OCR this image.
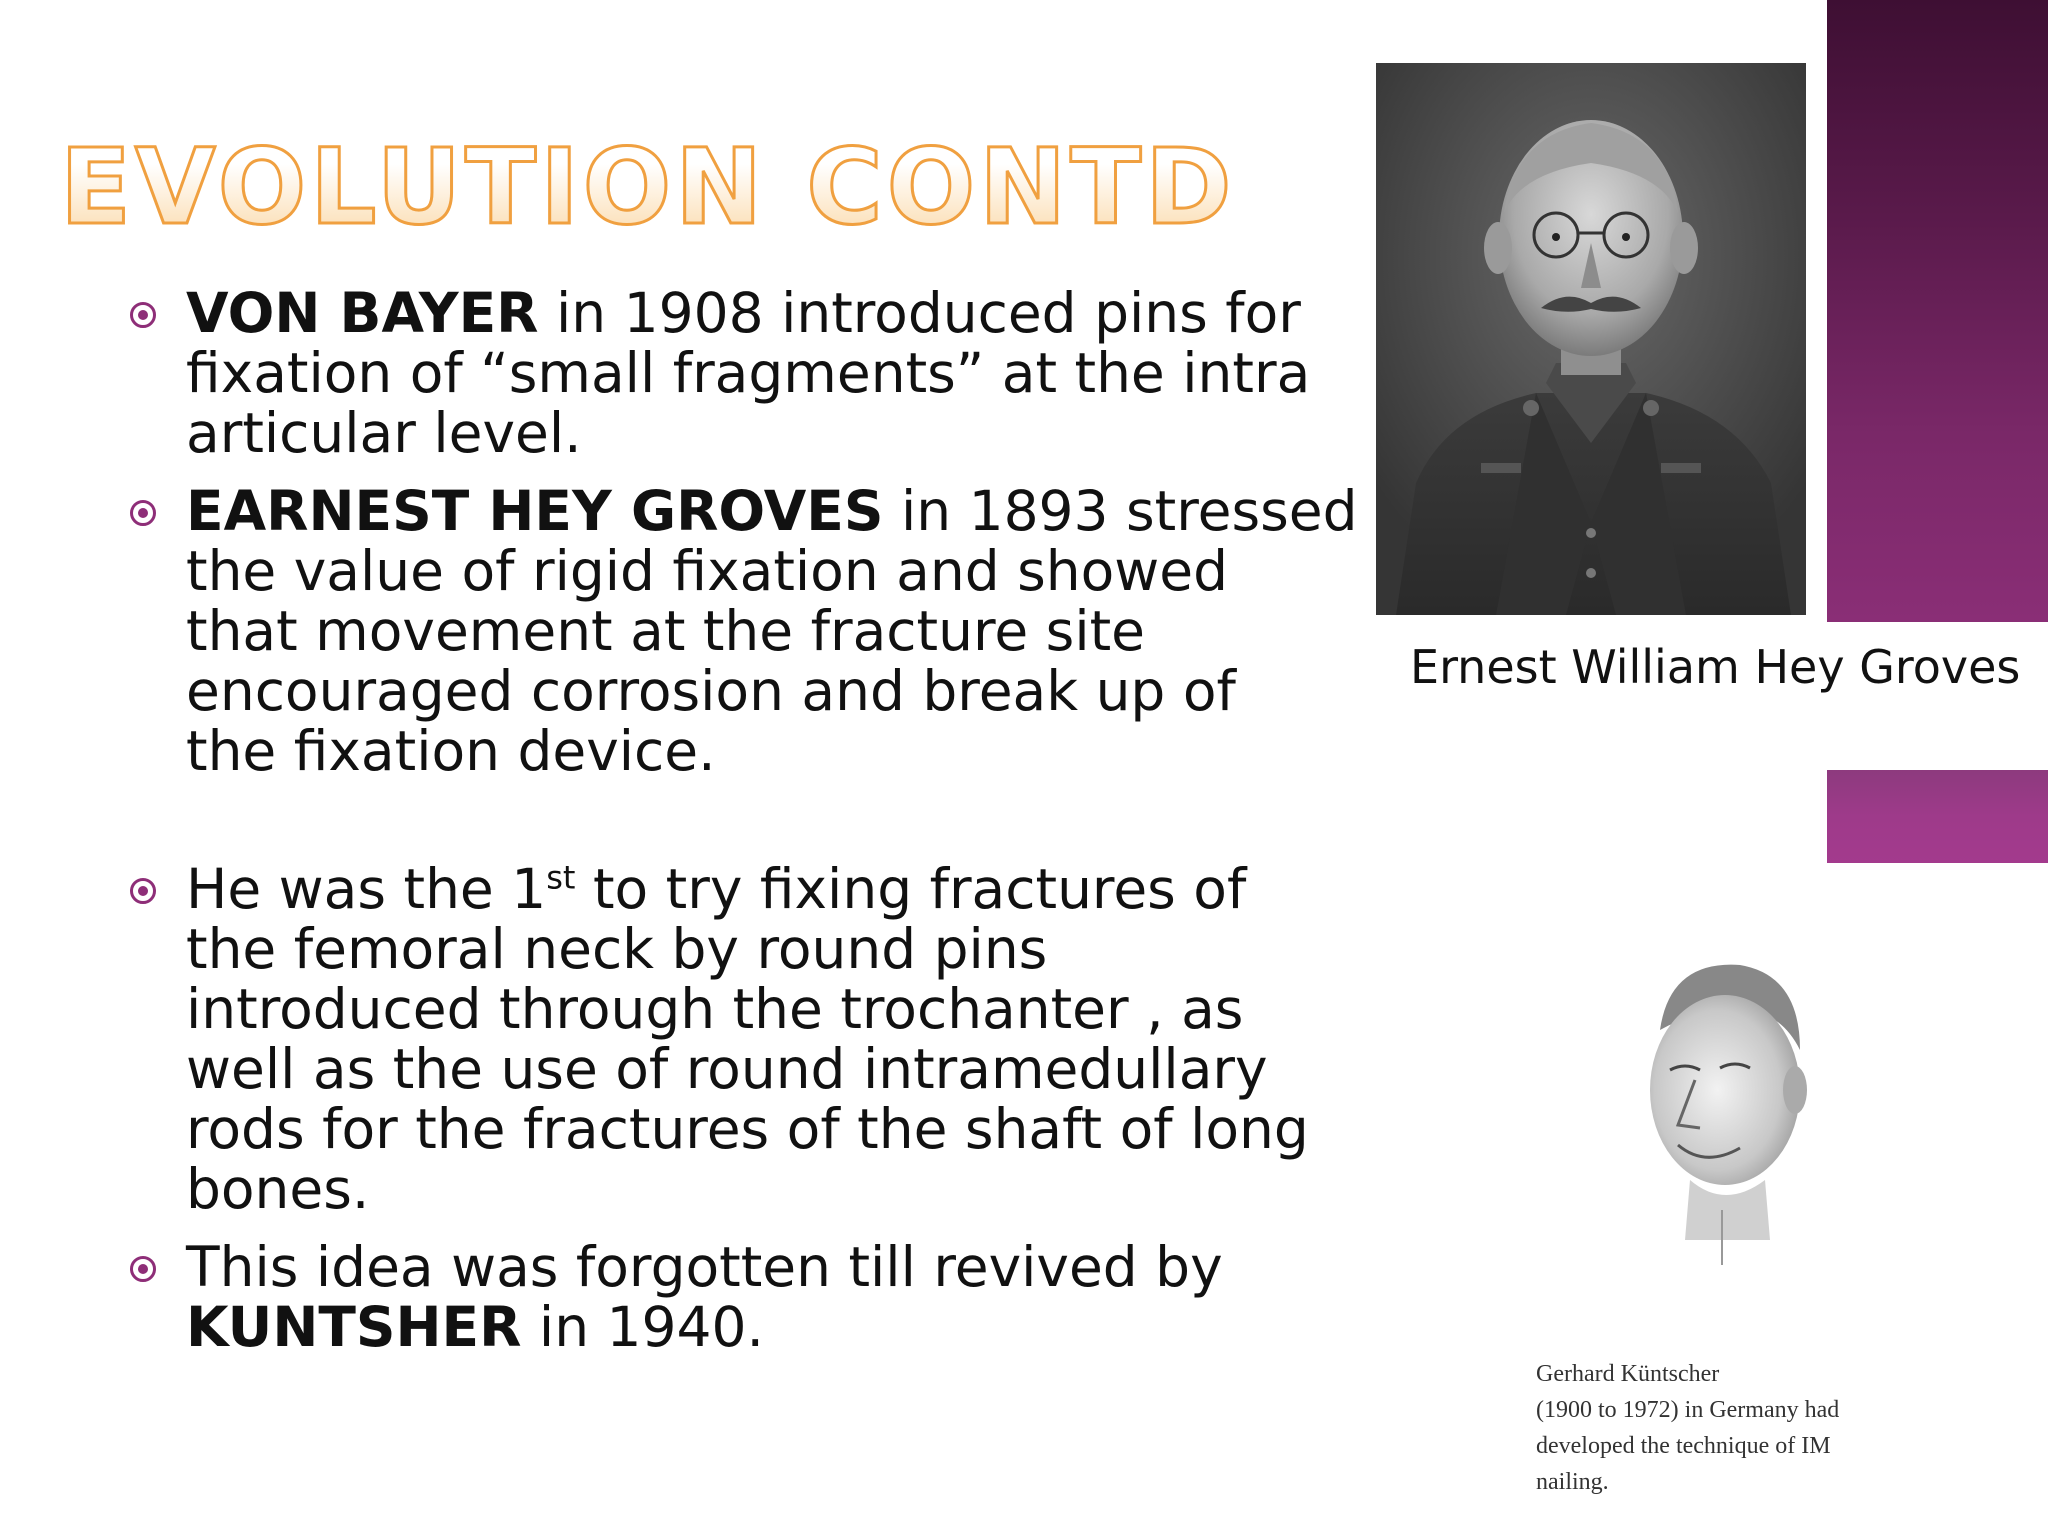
EVOLUTION CONTD
VON BAYER in 1908 introduced pins for
fixation of “small fragments” at the intra
articular level.
EARNEST HEY GROVES in 1893 stressed
the value of rigid fixation and showed
that movement at the fracture site
encouraged corrosion and break up of
the fixation device.
He was the 1st to try fixing fractures of
the femoral neck by round pins
introduced through the trochanter , as
well as the use of round intramedullary
rods for the fractures of the shaft of long
bones.
This idea was forgotten till revived by
KUNTSHER in 1940.
Ernest William Hey Groves
Gerhard Küntscher
(1900 to 1972) in Germany had
developed the technique of IM
nailing.
